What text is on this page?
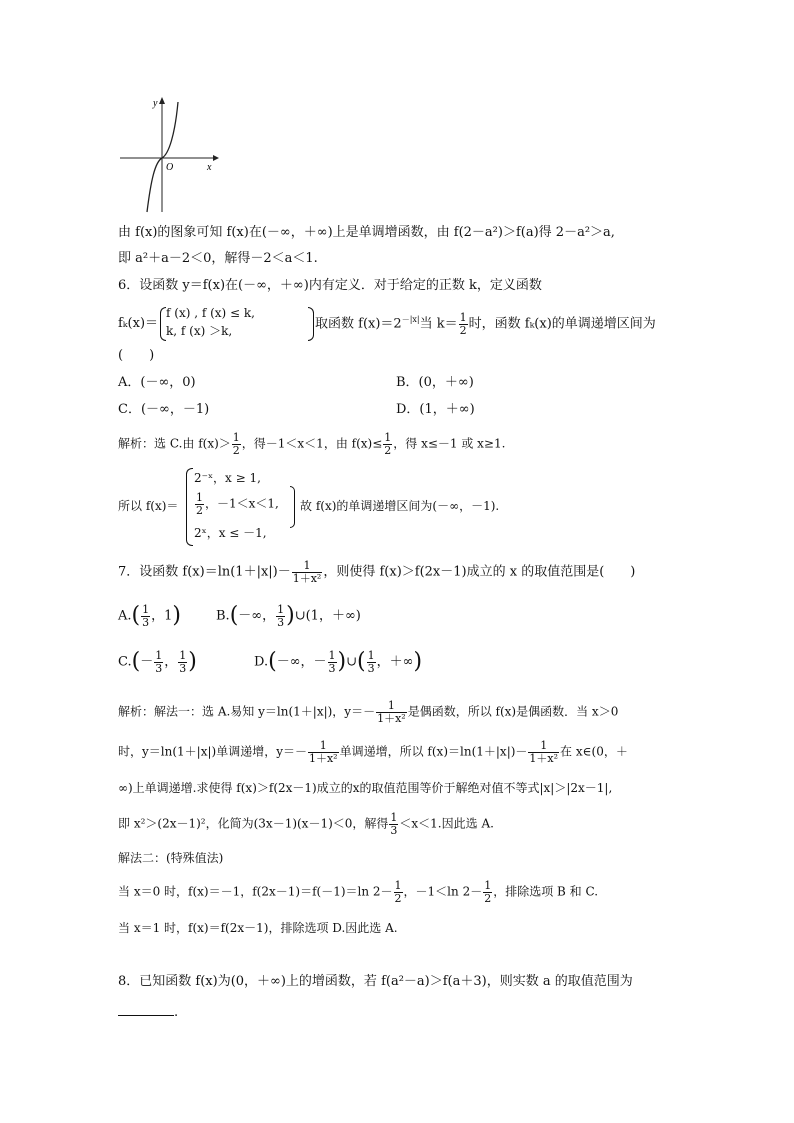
y
x
O
由 f(x)的图象可知 f(x)在(－∞，＋∞)上是单调增函数，由 f(2－a²)＞f(a)得 2－a²＞a,
即 a²＋a－2＜0，解得－2＜a＜1.
6．设函数 y＝f(x)在(－∞，＋∞)内有定义．对于给定的正数 k，定义函数
fₖ(x)＝
f (x) , f (x) ≤ k,
k, f (x) ＞k,	取函数 $f(x)=2^{-|x|}$当 $k= \frac{1}{2}$ 时，函数 fₖ(x)的单调递增区间为
(　　)
A．(－∞，0)	B．(0，＋∞)
C．(－∞，－1)	D．(1，＋∞)
解析：选 C.由 $f(x)> \frac{1}{2}$ ，得－1＜x＜1，由 $f(x)\le \frac{1}{2}$ ，得 x≤－1 或 x≥1.
所以 f(x)＝
2⁻ˣ，x ≥ 1,
$\frac{1}{2}$ ，－1＜x＜1,
2ˣ，x ≤ －1,
故 f(x)的单调递增区间为(－∞，－1).
7．设函数 $f(x)=\ln(1+|x|)- \frac{1}{\text{1＋x²}}$ ，则使得 f(x)＞f(2x－1)成立的 x 的取值范围是(　　)
$A.( \frac{1}{3}$ ，1)	B.(－∞， $\frac{1}{3}$ )∪(1，＋∞)
$C.(- \frac{1}{3}$ ， $\frac{1}{3}$ )	D.(－∞，－ $\frac{1}{3}$ )∪( $\frac{1}{3}$ ，＋∞)
解析：解法一：选 A.易知 y＝ln(1＋|x|)，$y=- \frac{1}{\text{1＋x²}}$ 是偶函数，所以 f(x)是偶函数．当 x＞0
时，y＝ln(1＋|x|)单调递增，$y=- \frac{1}{\text{1＋x²}}$ 单调递增，所以 $f(x)=\ln(1+|x|)- \frac{1}{\text{1＋x²}}$ 在 x∈(0，＋
∞)上单调递增.求使得 f(x)＞f(2x－1)成立的x的取值范围等价于解绝对值不等式|x|＞|2x－1|,
即 x²＞(2x－1)²，化简为(3x－1)(x－1)＜0，解得 $\frac{1}{3} <x<1$.因此选 A.
解法二：(特殊值法)
当 x＝0 时，f(x)＝－1，f(2x－1)＝f(－1)＝ln $2- \frac{1}{2}$ ，－1＜ln $2- \frac{1}{2}$ ，排除选项 B 和 C.
当 x＝1 时，f(x)＝f(2x－1)，排除选项 D.因此选 A.
8．已知函数 f(x)为(0，＋∞)上的增函数，若 f(a²－a)＞f(a＋3)，则实数 a 的取值范围为
.
